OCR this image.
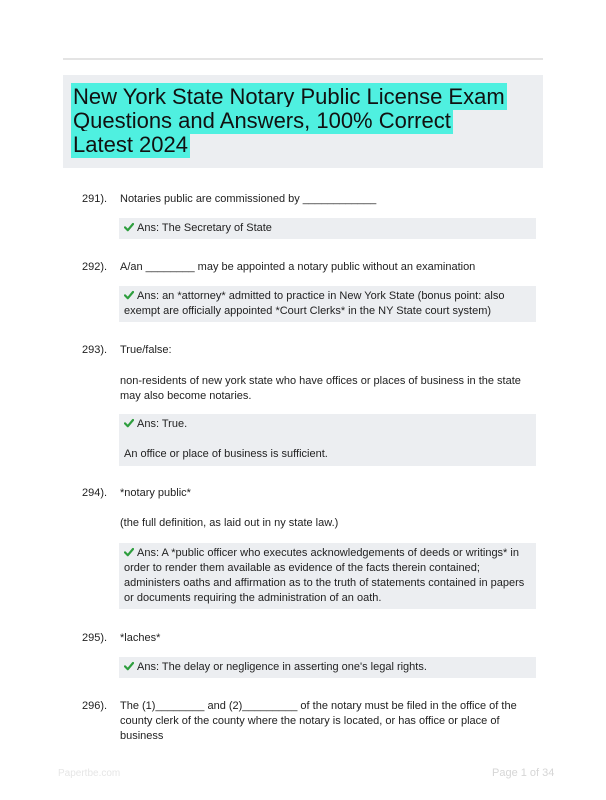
New York State Notary Public License Exam Questions and Answers, 100% Correct Latest 2024
291). Notaries public are commissioned by ____________

Ans: The Secretary of State

292). A/an ________ may be appointed a notary public without an examination

Ans: an *attorney* admitted to practice in New York State (bonus point: also exempt are officially appointed *Court Clerks* in the NY State court system)

293). True/false:

non-residents of new york state who have offices or places of business in the state may also become notaries.

Ans: True.

An office or place of business is sufficient.

294). *notary public*

(the full definition, as laid out in ny state law.)

Ans: A *public officer who executes acknowledgements of deeds or writings* in order to render them available as evidence of the facts therein contained; administers oaths and affirmation as to the truth of statements contained in papers or documents requiring the administration of an oath.

295). *laches*

Ans: The delay or negligence in asserting one's legal rights.

296). The (1)________ and (2)_________ of the notary must be filed in the office of the county clerk of the county where the notary is located, or has office or place of business

Papertbe.com	Page 1 of 34
